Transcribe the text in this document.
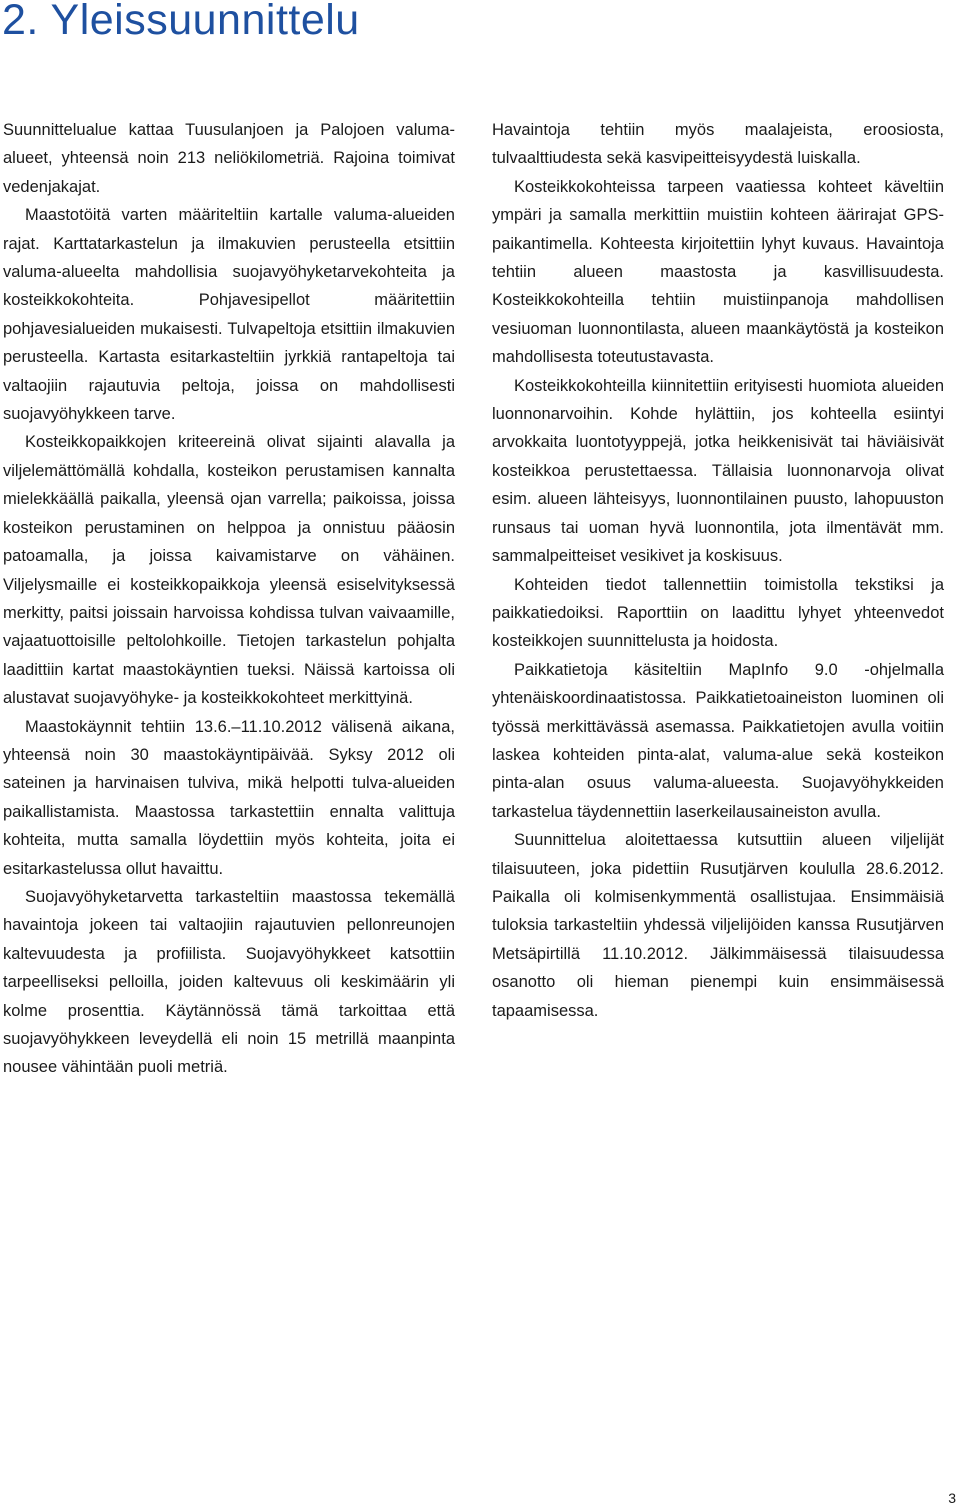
2. Yleissuunnittelu

Suunnittelualue kattaa Tuusulanjoen ja Palojoen valuma-alueet, yhteensä noin 213 neliökilometriä. Rajoina toimivat vedenjakajat.

Maastotöitä varten määriteltiin kartalle valuma-alueiden rajat. Karttatarkastelun ja ilmakuvien perusteella etsittiin valuma-alueelta mahdollisia suojavyöhyketarvekohteita ja kosteikkokohteita. Pohjavesipellot määritettiin pohjavesialueiden mukaisesti. Tulvapeltoja etsittiin ilmakuvien perusteella. Kartasta esitarkasteltiin jyrkkiä rantapeltoja tai valtaojiin rajautuvia peltoja, joissa on mahdollisesti suojavyöhykkeen tarve.

Kosteikkopaikkojen kriteereinä olivat sijainti alavalla ja viljelemättömällä kohdalla, kosteikon perustamisen kannalta mielekkäällä paikalla, yleensä ojan varrella; paikoissa, joissa kosteikon perustaminen on helppoa ja onnistuu pääosin patoamalla, ja joissa kaivamistarve on vähäinen. Viljelysmaille ei kosteikkopaikkoja yleensä esiselvityksessä merkitty, paitsi joissain harvoissa kohdissa tulvan vaivaamille, vajaatuottoisille peltolohkoille. Tietojen tarkastelun pohjalta laadittiin kartat maastokäyntien tueksi. Näissä kartoissa oli alustavat suojavyöhyke- ja kosteikkokohteet merkittyinä.

Maastokäynnit tehtiin 13.6.–11.10.2012 välisenä aikana, yhteensä noin 30 maastokäyntipäivää. Syksy 2012 oli sateinen ja harvinaisen tulviva, mikä helpotti tulva-alueiden paikallistamista. Maastossa tarkastettiin ennalta valittuja kohteita, mutta samalla löydettiin myös kohteita, joita ei esitarkastelussa ollut havaittu.

Suojavyöhyketarvetta tarkasteltiin maastossa tekemällä havaintoja jokeen tai valtaojiin rajautuvien pellonreunojen kaltevuudesta ja profiilista. Suojavyöhykkeet katsottiin tarpeelliseksi pelloilla, joiden kaltevuus oli keskimäärin yli kolme prosenttia. Käytännössä tämä tarkoittaa että suojavyöhykkeen leveydellä eli noin 15 metrillä maanpinta nousee vähintään puoli metriä.

Havaintoja tehtiin myös maalajeista, eroosiosta, tulvaalttiudesta sekä kasvipeitteisyydestä luiskalla.

Kosteikkokohteissa tarpeen vaatiessa kohteet käveltiin ympäri ja samalla merkittiin muistiin kohteen äärirajat GPS-paikantimella. Kohteesta kirjoitettiin lyhyt kuvaus. Havaintoja tehtiin alueen maastosta ja kasvillisuudesta. Kosteikkokohteilla tehtiin muistiinpanoja mahdollisen vesiuoman luonnontilasta, alueen maankäytöstä ja kosteikon mahdollisesta toteutustavasta.

Kosteikkokohteilla kiinnitettiin erityisesti huomiota alueiden luonnonarvoihin. Kohde hylättiin, jos kohteella esiintyi arvokkaita luontotyyppejä, jotka heikkenisivät tai häviäisivät kosteikkoa perustettaessa. Tällaisia luonnonarvoja olivat esim. alueen lähteisyys, luonnontilainen puusto, lahopuuston runsaus tai uoman hyvä luonnontila, jota ilmentävät mm. sammalpeitteiset vesikivet ja koskisuus.

Kohteiden tiedot tallennettiin toimistolla tekstiksi ja paikkatiedoiksi. Raporttiin on laadittu lyhyet yhteenvedot kosteikkojen suunnittelusta ja hoidosta.

Paikkatietoja käsiteltiin MapInfo 9.0 -ohjelmalla yhtenäiskoordinaatistossa. Paikkatietoaineiston luominen oli työssä merkittävässä asemassa. Paikkatietojen avulla voitiin laskea kohteiden pinta-alat, valuma-alue sekä kosteikon pinta-alan osuus valuma-alueesta. Suojavyöhykkeiden tarkastelua täydennettiin laserkeilausaineiston avulla.

Suunnittelua aloitettaessa kutsuttiin alueen viljelijät tilaisuuteen, joka pidettiin Rusutjärven koululla 28.6.2012. Paikalla oli kolmisenkymmentä osallistujaa. Ensimmäisiä tuloksia tarkasteltiin yhdessä viljelijöiden kanssa Rusutjärven Metsäpirtillä 11.10.2012. Jälkimmäisessä tilaisuudessa osanotto oli hieman pienempi kuin ensimmäisessä tapaamisessa.

3
